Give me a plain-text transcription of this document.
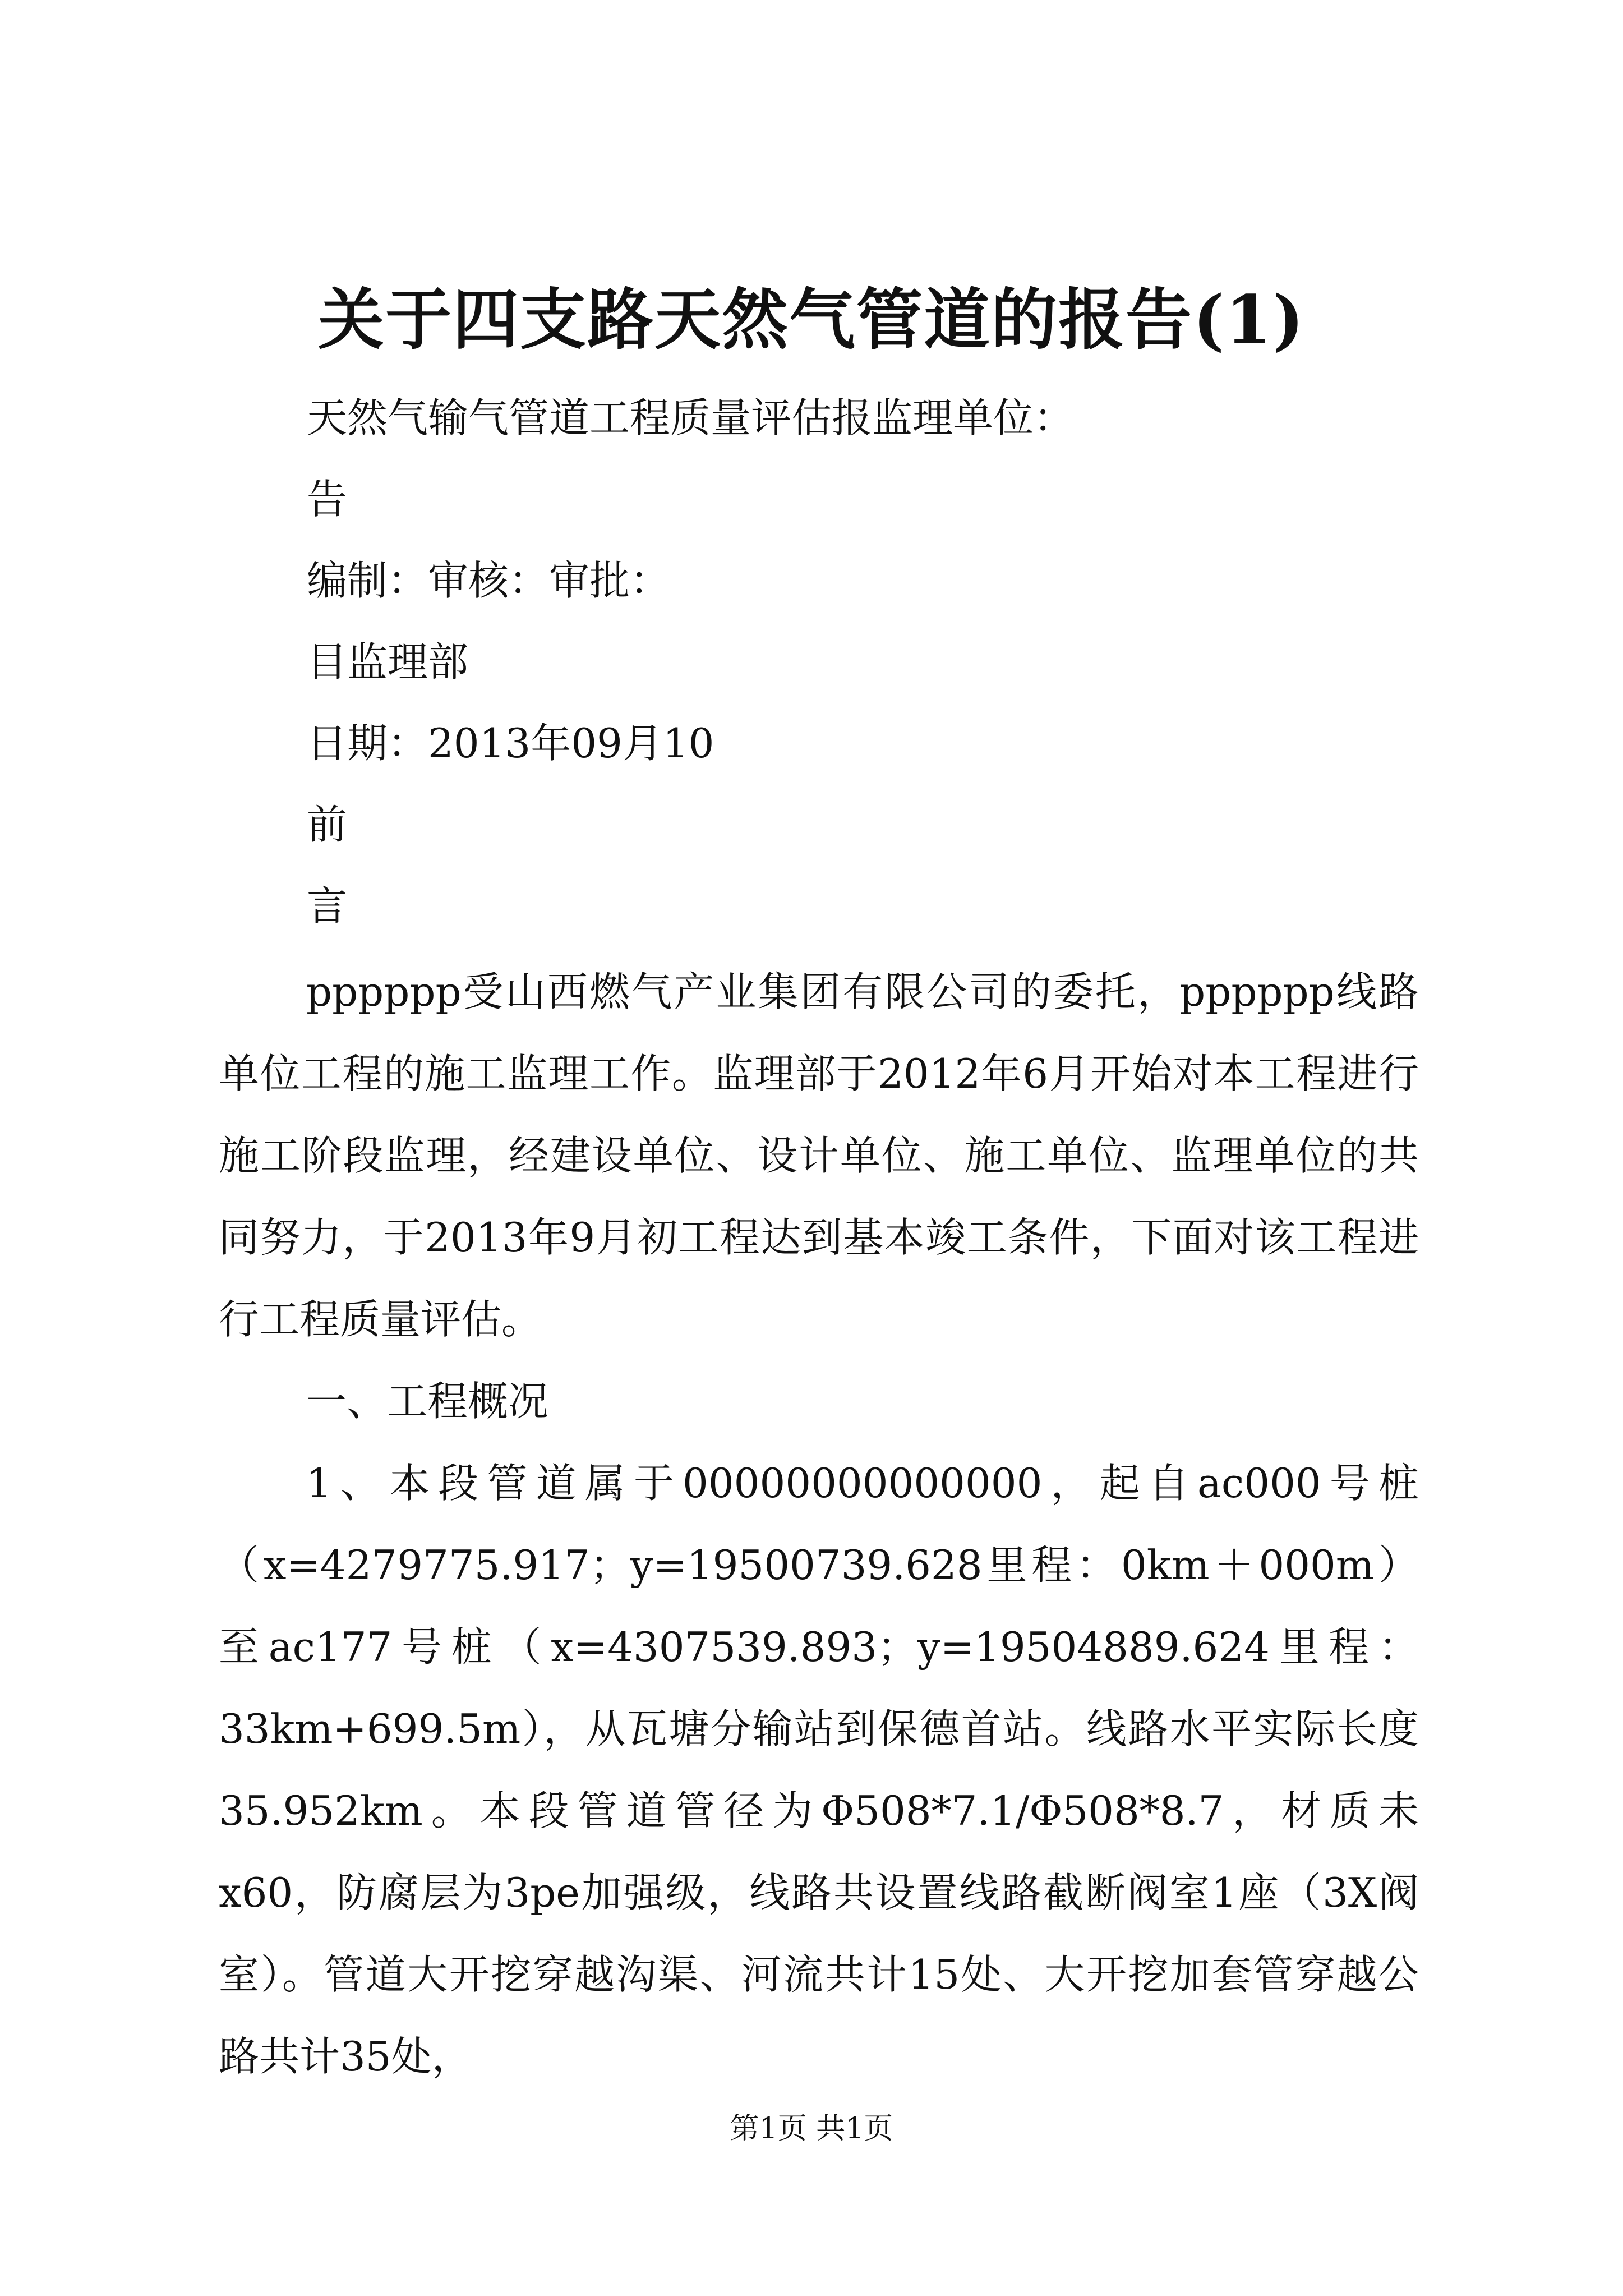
关于四支路天然气管道的报告(1)
天然气输气管道工程质量评估报监理单位：
告
编制：审核：审批：
目监理部
日期：2013年09月10
前
言

pppppp受山西燃气产业集团有限公司的委托，pppppp线路单位工程的施工监理工作。监理部于2012年6月开始对本工程进行施工阶段监理，经建设单位、设计单位、施工单位、监理单位的共同努力，于2013年9月初工程达到基本竣工条件，下面对该工程进行工程质量评估。

一、工程概况

1、本段管道属于00000000000000，起自ac000号桩（x=4279775.917；y=19500739.628里程：0km＋000m）至ac177号桩（x=4307539.893；y=19504889.624里程：33km+699.5m），从瓦塘分输站到保德首站。线路水平实际长度35.952km。本段管道管径为Φ508*7.1/Φ508*8.7，材质未x60，防腐层为3pe加强级，线路共设置线路截断阀室1座（3X阀室）。管道大开挖穿越沟渠、河流共计15处、大开挖加套管穿越公路共计35处，

第1页 共1页
